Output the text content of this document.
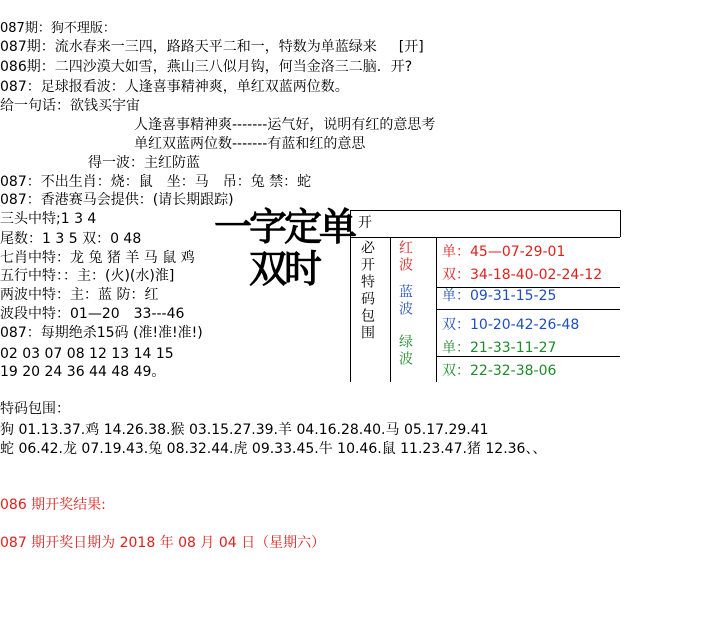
087期：狗不理版：
087期：流水春来一三四，路路天平二和一，特数为单蓝绿来 [开]
086期：二四沙漠大如雪，燕山三八似月钩，何当金洛三二脑．开?
087：足球报看波：人逢喜事精神爽，单红双蓝两位数。
给一句话：欲钱买宇宙
人逢喜事精神爽-------运气好，说明有红的意思考
单红双蓝两位数-------有蓝和红的意思
得一波：主红防蓝
087：不出生肖：烧：鼠　坐：马　吊：兔 禁：蛇
087：香港赛马会提供：(请长期跟踪)
三头中特;1 3 4
尾数：1 3 5 双：0 48
七肖中特：龙 兔 猪 羊 马 鼠 鸡
五行中特：：主：(火)(水)淮]
两波中特：主：蓝 防：红
波段中特：01—20　33---46
087：每期绝杀15码 (准!准!准!)
02 03 07 08 12 13 14 15
19 20 24 36 44 48 49。
一字定单双时
开
必开特码包围 红波
蓝波
绿波
单：45—07-29-01
双：34-18-40-02-24-12
单：09-31-15-25
双：10-20-42-26-48
单：21-33-11-27
双：22-32-38-06
特码包围：
狗 01.13.37.鸡 14.26.38.猴 03.15.27.39.羊 04.16.28.40.马 05.17.29.41
蛇 06.42.龙 07.19.43.兔 08.32.44.虎 09.33.45.牛 10.46.鼠 11.23.47.猪 12.36、、
086 期开奖结果:
087 期开奖日期为 2018 年 08 月 04 日（星期六）
